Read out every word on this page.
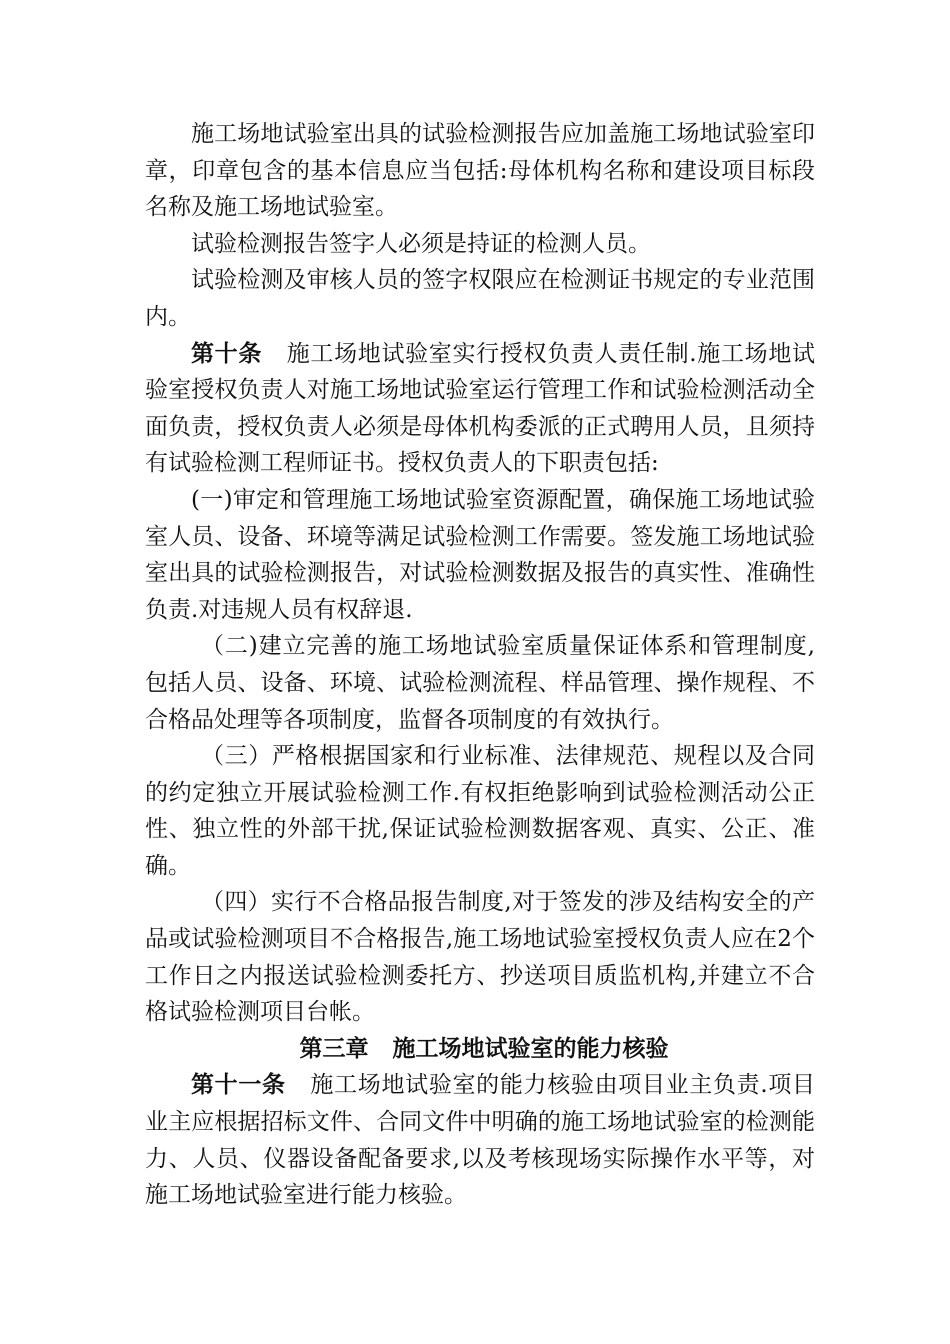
施工场地试验室出具的试验检测报告应加盖施工场地试验室印章，印章包含的基本信息应当包括:母体机构名称和建设项目标段名称及施工场地试验室。

试验检测报告签字人必须是持证的检测人员。

试验检测及审核人员的签字权限应在检测证书规定的专业范围内。

第十条 施工场地试验室实行授权负责人责任制.施工场地试验室授权负责人对施工场地试验室运行管理工作和试验检测活动全面负责，授权负责人必须是母体机构委派的正式聘用人员，且须持有试验检测工程师证书。授权负责人的下职责包括:

(一)审定和管理施工场地试验室资源配置，确保施工场地试验室人员、设备、环境等满足试验检测工作需要。签发施工场地试验室出具的试验检测报告，对试验检测数据及报告的真实性、准确性负责.对违规人员有权辞退.

（二)建立完善的施工场地试验室质量保证体系和管理制度,包括人员、设备、环境、试验检测流程、样品管理、操作规程、不合格品处理等各项制度，监督各项制度的有效执行。

（三）严格根据国家和行业标准、法律规范、规程以及合同的约定独立开展试验检测工作.有权拒绝影响到试验检测活动公正性、独立性的外部干扰,保证试验检测数据客观、真实、公正、准确。

（四）实行不合格品报告制度,对于签发的涉及结构安全的产品或试验检测项目不合格报告,施工场地试验室授权负责人应在2个工作日之内报送试验检测委托方、抄送项目质监机构,并建立不合格试验检测项目台帐。

第三章 施工场地试验室的能力核验

第十一条 施工场地试验室的能力核验由项目业主负责.项目业主应根据招标文件、合同文件中明确的施工场地试验室的检测能力、人员、仪器设备配备要求,以及考核现场实际操作水平等，对施工场地试验室进行能力核验。
